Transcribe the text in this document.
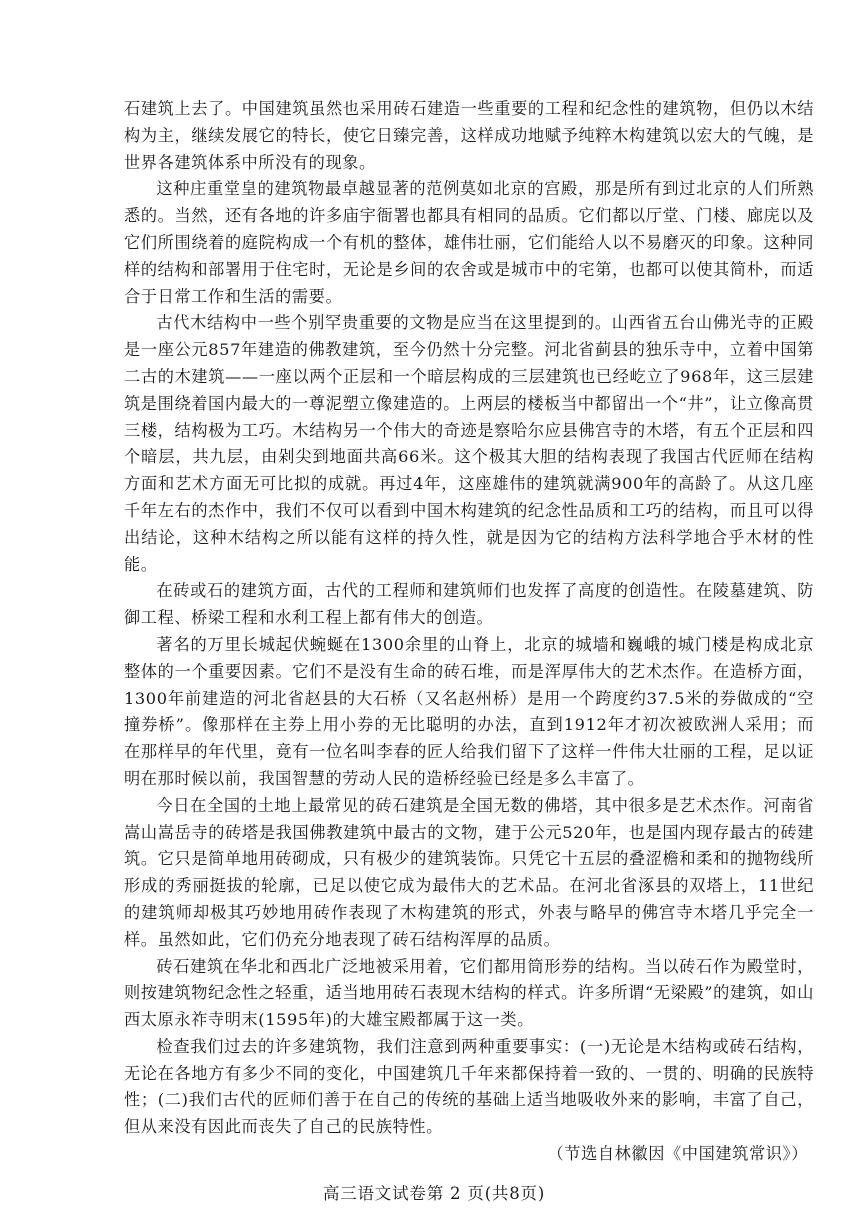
石建筑上去了。中国建筑虽然也采用砖石建造一些重要的工程和纪念性的建筑物，但仍以木结构为主，继续发展它的特长，使它日臻完善，这样成功地赋予纯粹木构建筑以宏大的气魄，是世界各建筑体系中所没有的现象。

这种庄重堂皇的建筑物最卓越显著的范例莫如北京的宫殿，那是所有到过北京的人们所熟悉的。当然，还有各地的许多庙宇衙署也都具有相同的品质。它们都以厅堂、门楼、廊庑以及它们所围绕着的庭院构成一个有机的整体，雄伟壮丽，它们能给人以不易磨灭的印象。这种同样的结构和部署用于住宅时，无论是乡间的农舍或是城市中的宅第，也都可以使其简朴，而适合于日常工作和生活的需要。

古代木结构中一些个别罕贵重要的文物是应当在这里提到的。山西省五台山佛光寺的正殿是一座公元857年建造的佛教建筑，至今仍然十分完整。河北省蓟县的独乐寺中，立着中国第二古的木建筑——一座以两个正层和一个暗层构成的三层建筑也已经屹立了968年，这三层建筑是围绕着国内最大的一尊泥塑立像建造的。上两层的楼板当中都留出一个“井”，让立像高贯三楼，结构极为工巧。木结构另一个伟大的奇迹是察哈尔应县佛宫寺的木塔，有五个正层和四个暗层，共九层，由剁尖到地面共高66米。这个极其大胆的结构表现了我国古代匠师在结构方面和艺术方面无可比拟的成就。再过4年，这座雄伟的建筑就满900年的高龄了。从这几座千年左右的杰作中，我们不仅可以看到中国木构建筑的纪念性品质和工巧的结构，而且可以得出结论，这种木结构之所以能有这样的持久性，就是因为它的结构方法科学地合乎木材的性能。

在砖或石的建筑方面，古代的工程师和建筑师们也发挥了高度的创造性。在陵墓建筑、防御工程、桥梁工程和水利工程上都有伟大的创造。

著名的万里长城起伏蜿蜒在1300余里的山脊上，北京的城墙和巍峨的城门楼是构成北京整体的一个重要因素。它们不是没有生命的砖石堆，而是浑厚伟大的艺术杰作。在造桥方面，1300年前建造的河北省赵县的大石桥（又名赵州桥）是用一个跨度约37.5米的券做成的“空撞券桥”。像那样在主券上用小券的无比聪明的办法，直到1912年才初次被欧洲人采用；而在那样早的年代里，竟有一位名叫李春的匠人给我们留下了这样一件伟大壮丽的工程，足以证明在那时候以前，我国智慧的劳动人民的造桥经验已经是多么丰富了。

今日在全国的土地上最常见的砖石建筑是全国无数的佛塔，其中很多是艺术杰作。河南省嵩山嵩岳寺的砖塔是我国佛教建筑中最古的文物，建于公元520年，也是国内现存最古的砖建筑。它只是简单地用砖砌成，只有极少的建筑装饰。只凭它十五层的叠涩檐和柔和的抛物线所形成的秀丽挺拔的轮廓，已足以使它成为最伟大的艺术品。在河北省涿县的双塔上，11世纪的建筑师却极其巧妙地用砖作表现了木构建筑的形式，外表与略早的佛宫寺木塔几乎完全一样。虽然如此，它们仍充分地表现了砖石结构浑厚的品质。

砖石建筑在华北和西北广泛地被采用着，它们都用筒形券的结构。当以砖石作为殿堂时，则按建筑物纪念性之轻重，适当地用砖石表现木结构的样式。许多所谓“无梁殿”的建筑，如山西太原永祚寺明末(1595年)的大雄宝殿都属于这一类。

检查我们过去的许多建筑物，我们注意到两种重要事实：(一)无论是木结构或砖石结构，无论在各地方有多少不同的变化，中国建筑几千年来都保持着一致的、一贯的、明确的民族特性；(二)我们古代的匠师们善于在自己的传统的基础上适当地吸收外来的影响，丰富了自己，但从来没有因此而丧失了自己的民族特性。

（节选自林徽因《中国建筑常识》）

高三语文试卷第 2 页(共8页)
